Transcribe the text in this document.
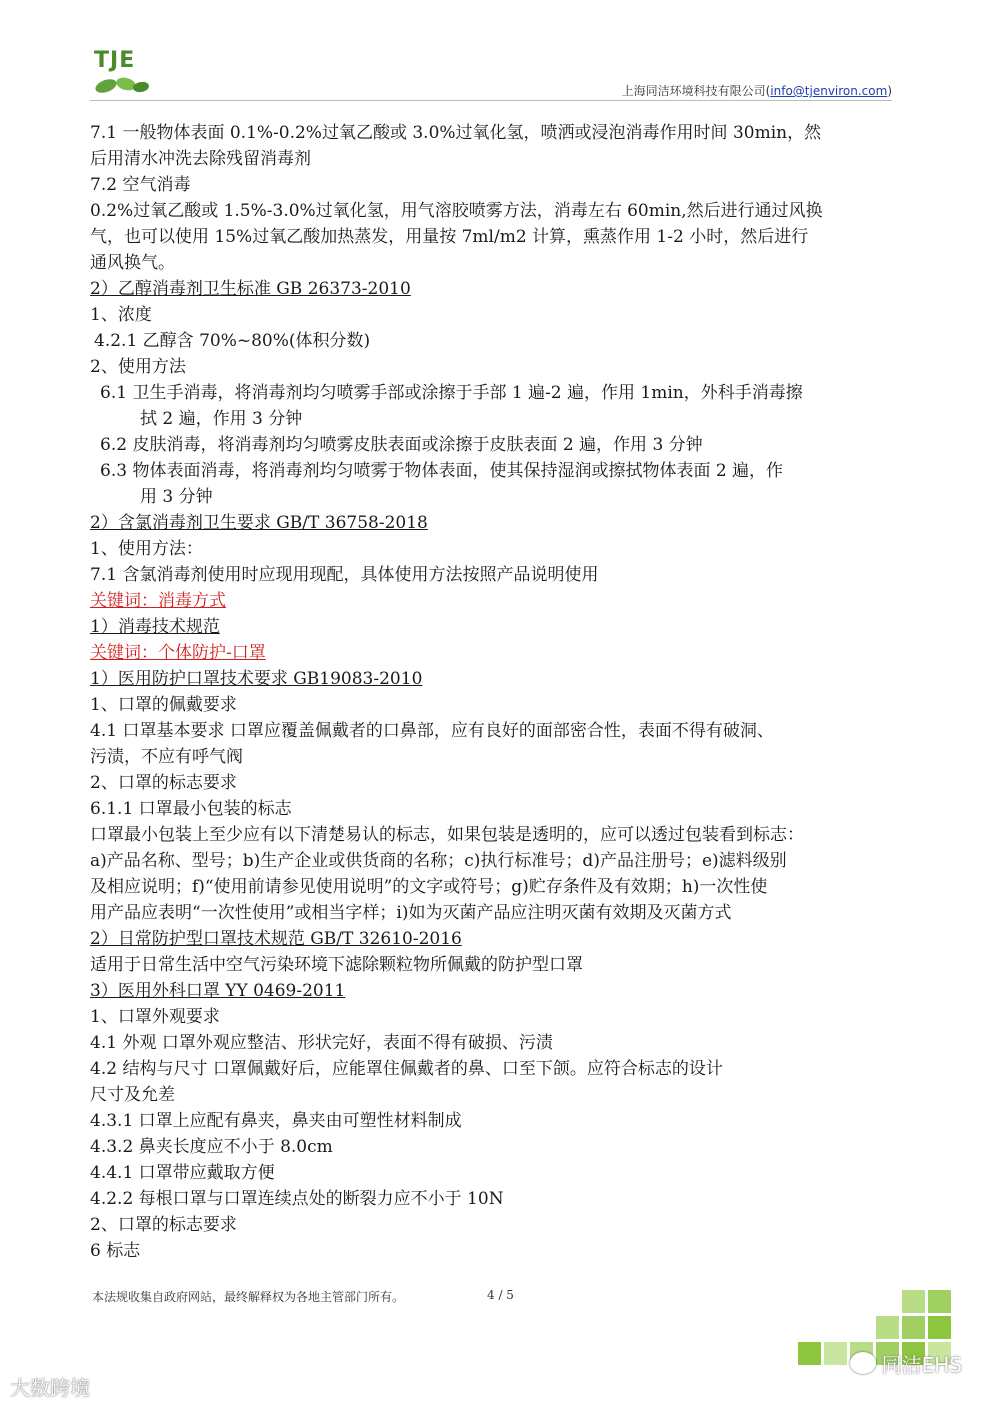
TJE
上海同洁环境科技有限公司(info@tjenviron.com)
7.1 一般物体表面 0.1%-0.2%过氧乙酸或 3.0%过氧化氢，喷洒或浸泡消毒作用时间 30min，然
后用清水冲洗去除残留消毒剂
7.2 空气消毒
0.2%过氧乙酸或 1.5%-3.0%过氧化氢，用气溶胶喷雾方法，消毒左右 60min,然后进行通过风换
气，也可以使用 15%过氧乙酸加热蒸发，用量按 7ml/m2 计算，熏蒸作用 1-2 小时，然后进行
通风换气。
2）乙醇消毒剂卫生标准 GB 26373-2010
1、浓度
4.2.1 乙醇含 70%~80%(体积分数)
2、使用方法
6.1 卫生手消毒，将消毒剂均匀喷雾手部或涂擦于手部 1 遍-2 遍，作用 1min，外科手消毒擦
拭 2 遍，作用 3 分钟
6.2 皮肤消毒，将消毒剂均匀喷雾皮肤表面或涂擦于皮肤表面 2 遍，作用 3 分钟
6.3 物体表面消毒，将消毒剂均匀喷雾于物体表面，使其保持湿润或擦拭物体表面 2 遍，作
用 3 分钟
2）含氯消毒剂卫生要求 GB/T 36758-2018
1、使用方法：
7.1 含氯消毒剂使用时应现用现配，具体使用方法按照产品说明使用
关键词：消毒方式
1）消毒技术规范
关键词：个体防护-口罩
1）医用防护口罩技术要求 GB19083-2010
1、口罩的佩戴要求
4.1 口罩基本要求 口罩应覆盖佩戴者的口鼻部，应有良好的面部密合性，表面不得有破洞、
污渍，不应有呼气阀
2、口罩的标志要求
6.1.1 口罩最小包装的标志
口罩最小包装上至少应有以下清楚易认的标志，如果包装是透明的，应可以透过包装看到标志：
a)产品名称、型号；b)生产企业或供货商的名称；c)执行标准号；d)产品注册号；e)滤料级别
及相应说明；f)“使用前请参见使用说明”的文字或符号；g)贮存条件及有效期；h)一次性使
用产品应表明“一次性使用”或相当字样；i)如为灭菌产品应注明灭菌有效期及灭菌方式
2）日常防护型口罩技术规范 GB/T 32610-2016
适用于日常生活中空气污染环境下滤除颗粒物所佩戴的防护型口罩
3）医用外科口罩 YY 0469-2011
1、口罩外观要求
4.1 外观 口罩外观应整洁、形状完好，表面不得有破损、污渍
4.2 结构与尺寸 口罩佩戴好后，应能罩住佩戴者的鼻、口至下颌。应符合标志的设计
尺寸及允差
4.3.1 口罩上应配有鼻夹，鼻夹由可塑性材料制成
4.3.2 鼻夹长度应不小于 8.0cm
4.4.1 口罩带应戴取方便
4.2.2 每根口罩与口罩连续点处的断裂力应不小于 10N
2、口罩的标志要求
6 标志
本法规收集自政府网站，最终解释权为各地主管部门所有。	4 / 5
大数跨境
同洁EHS
